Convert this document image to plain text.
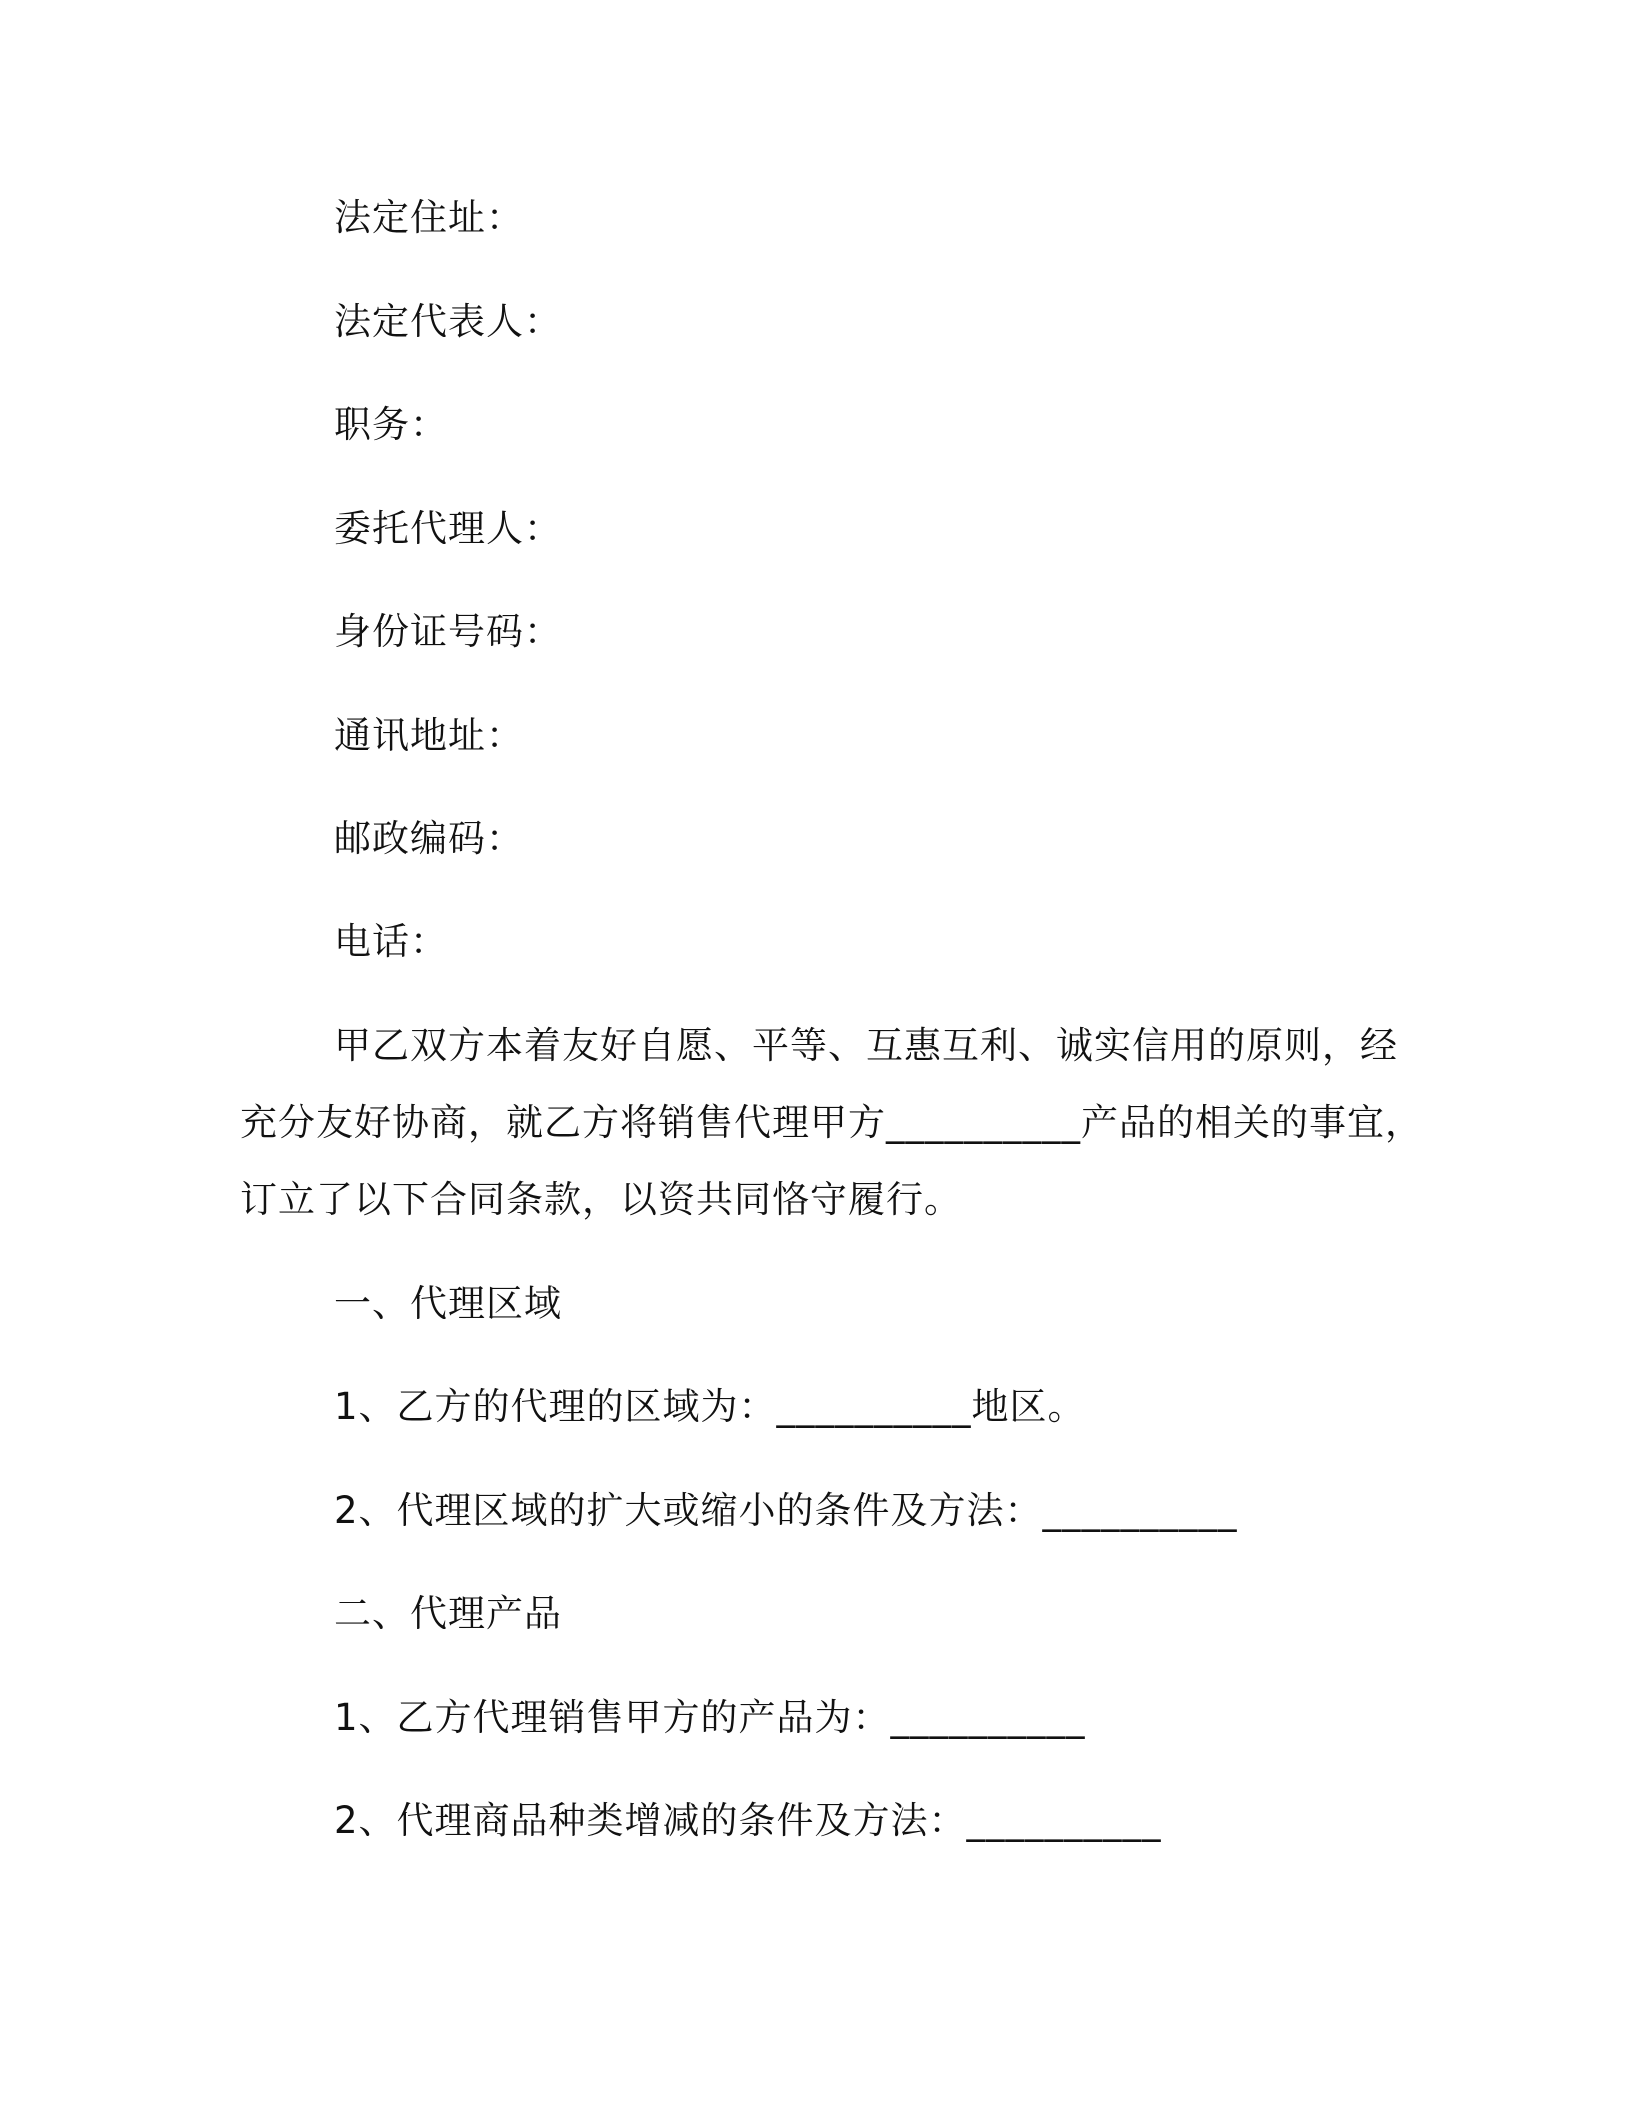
法定住址：
法定代表人：
职务：
委托代理人：
身份证号码：
通讯地址：
邮政编码：
电话：
甲乙双方本着友好自愿、平等、互惠互利、诚实信用的原则，经
充分友好协商，就乙方将销售代理甲方__________产品的相关的事宜，
订立了以下合同条款，以资共同恪守履行。
一、代理区域
1、乙方的代理的区域为：__________地区。
2、代理区域的扩大或缩小的条件及方法：__________
二、代理产品
1、乙方代理销售甲方的产品为：__________
2、代理商品种类增减的条件及方法：__________
